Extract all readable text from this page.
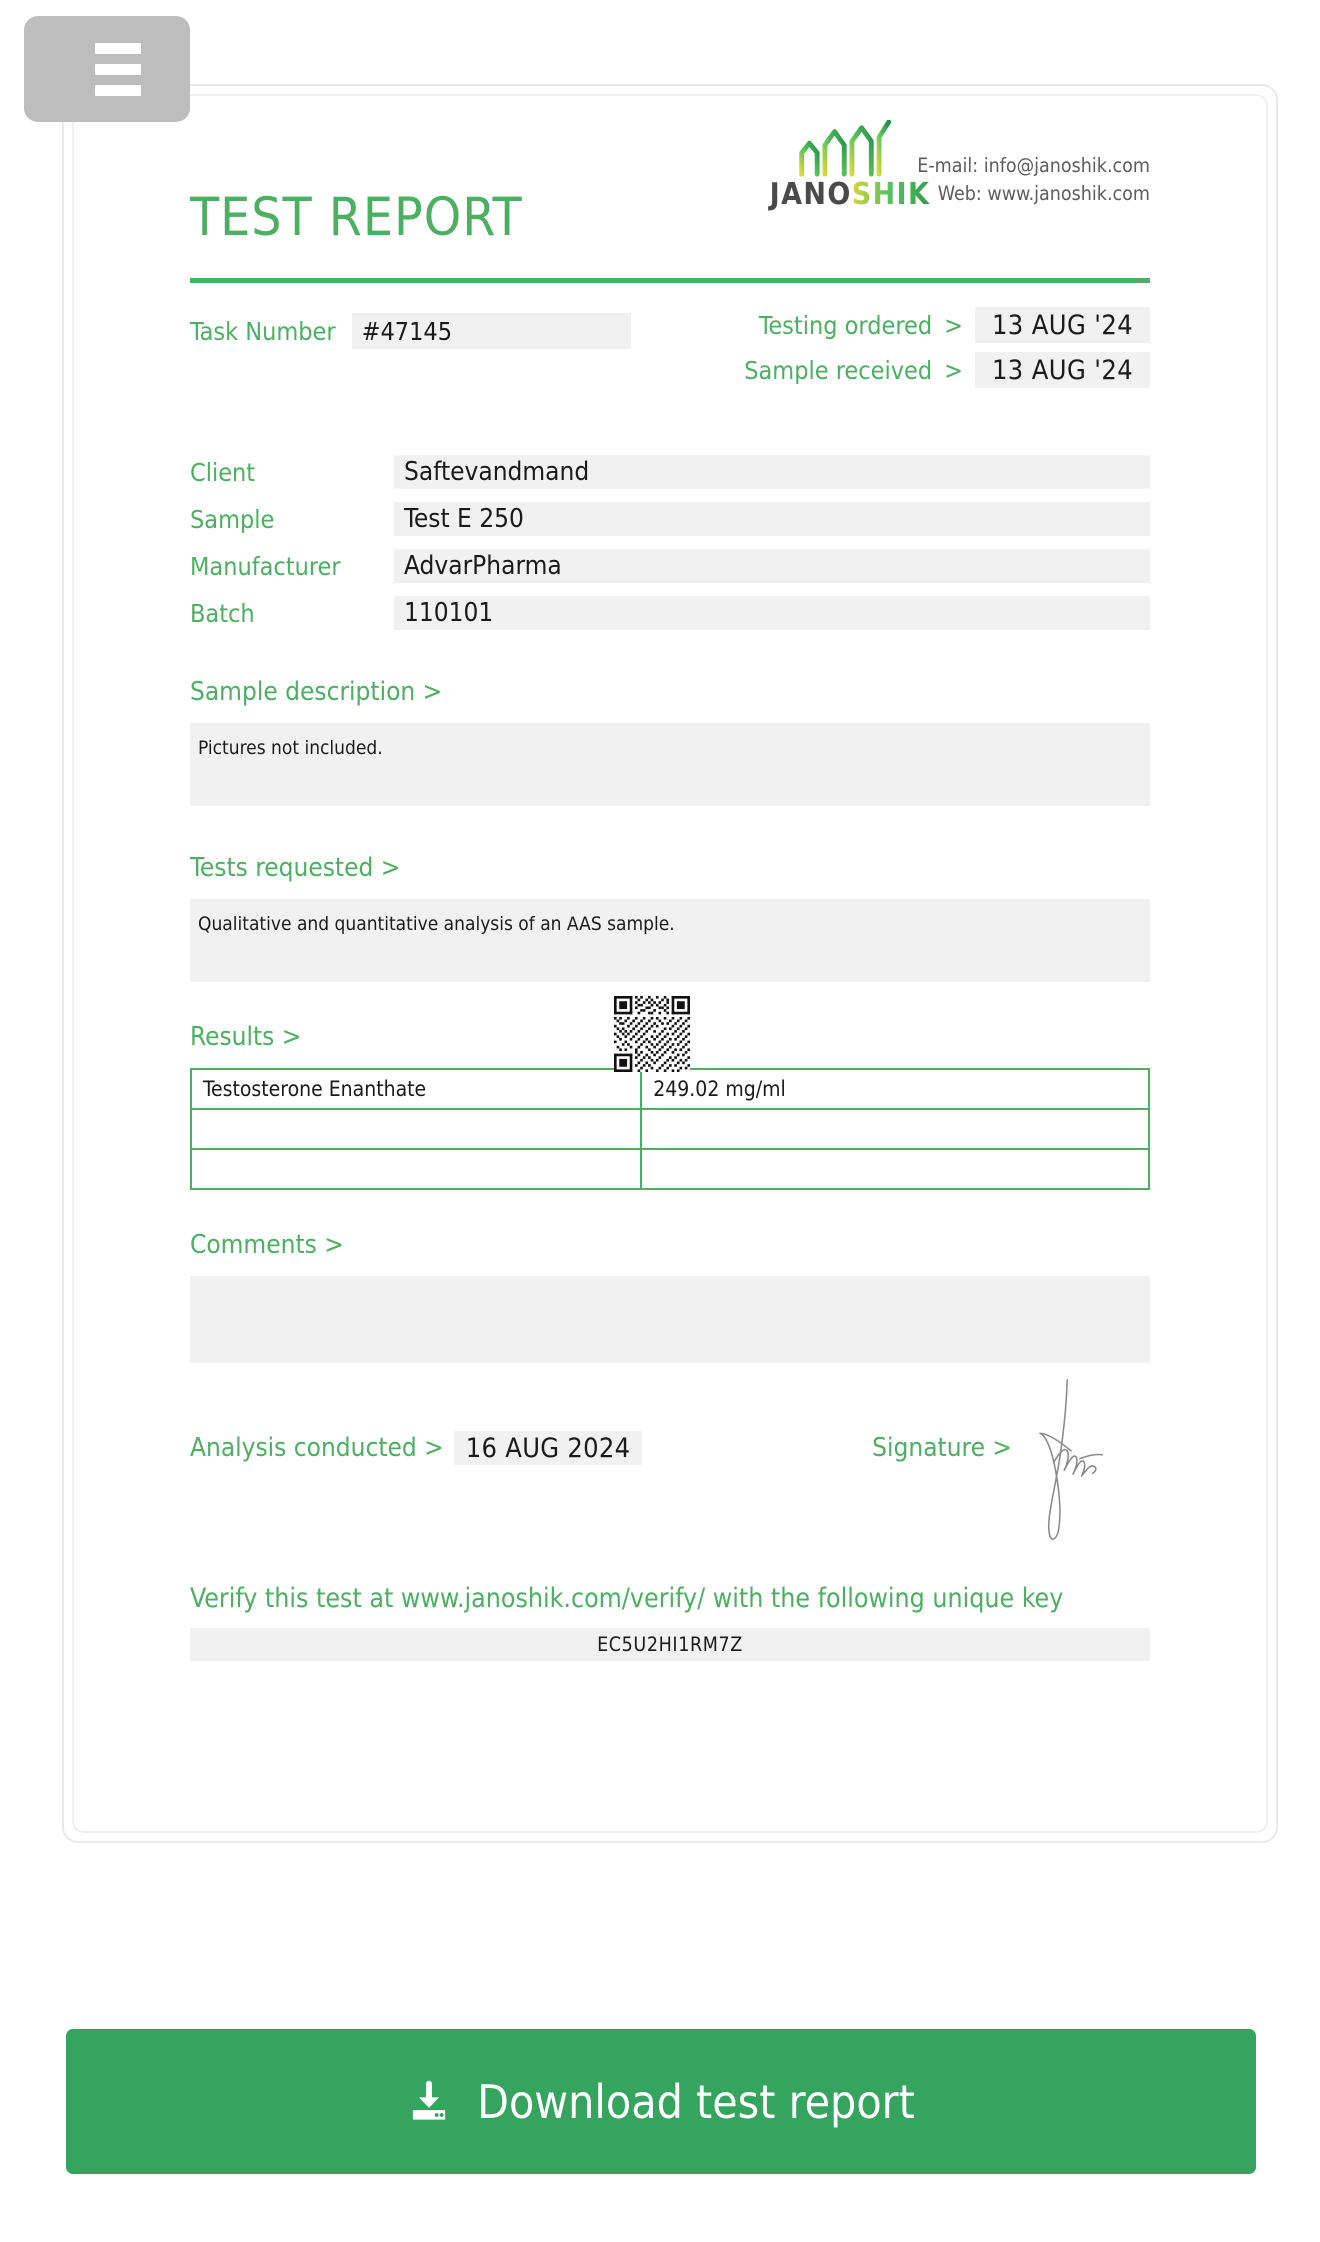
TEST REPORT	JANOSHIK
E-mail: info@janoshik.com
Web: www.janoshik.com
Task Number	#47145	Testing ordered >	13 AUG '24
Sample received >	13 AUG '24
Client	Saftevandmand
Sample	Test E 250
Manufacturer	AdvarPharma
Batch	110101
Sample description >
Pictures not included.
Tests requested >
Qualitative and quantitative analysis of an AAS sample.
Results >
Testosterone Enanthate	249.02 mg/ml

Comments >
Analysis conducted > 16 AUG 2024	Signature >
Verify this test at www.janoshik.com/verify/ with the following unique key
EC5U2HI1RM7Z
Download test report
